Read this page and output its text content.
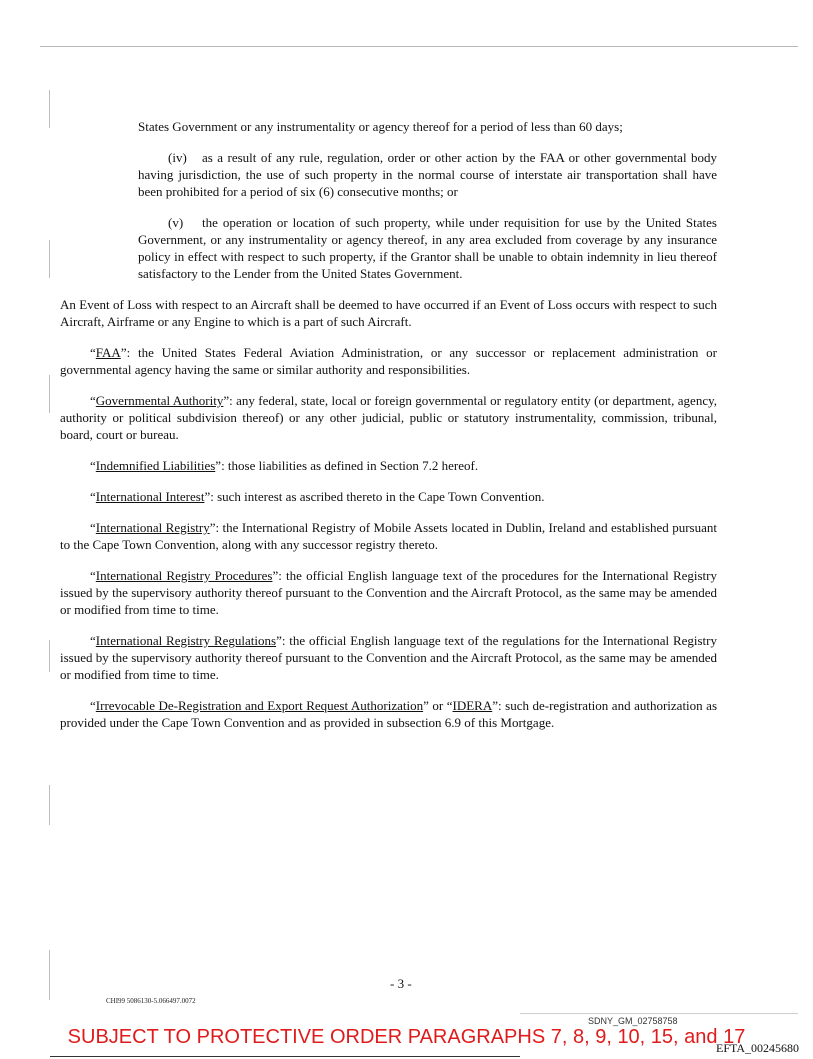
States Government or any instrumentality or agency thereof for a period of less than 60 days;

(iv) as a result of any rule, regulation, order or other action by the FAA or other governmental body having jurisdiction, the use of such property in the normal course of interstate air transportation shall have been prohibited for a period of six (6) consecutive months; or

(v) the operation or location of such property, while under requisition for use by the United States Government, or any instrumentality or agency thereof, in any area excluded from coverage by any insurance policy in effect with respect to such property, if the Grantor shall be unable to obtain indemnity in lieu thereof satisfactory to the Lender from the United States Government.

An Event of Loss with respect to an Aircraft shall be deemed to have occurred if an Event of Loss occurs with respect to such Aircraft, Airframe or any Engine to which is a part of such Aircraft.

“FAA”: the United States Federal Aviation Administration, or any successor or replacement administration or governmental agency having the same or similar authority and responsibilities.

“Governmental Authority”: any federal, state, local or foreign governmental or regulatory entity (or department, agency, authority or political subdivision thereof) or any other judicial, public or statutory instrumentality, commission, tribunal, board, court or bureau.

“Indemnified Liabilities”: those liabilities as defined in Section 7.2 hereof.

“International Interest”: such interest as ascribed thereto in the Cape Town Convention.

“International Registry”: the International Registry of Mobile Assets located in Dublin, Ireland and established pursuant to the Cape Town Convention, along with any successor registry thereto.

“International Registry Procedures”: the official English language text of the procedures for the International Registry issued by the supervisory authority thereof pursuant to the Convention and the Aircraft Protocol, as the same may be amended or modified from time to time.

“International Registry Regulations”: the official English language text of the regulations for the International Registry issued by the supervisory authority thereof pursuant to the Convention and the Aircraft Protocol, as the same may be amended or modified from time to time.

“Irrevocable De-Registration and Export Request Authorization” or “IDERA”: such de-registration and authorization as provided under the Cape Town Convention and as provided in subsection 6.9 of this Mortgage.

- 3 -
CHI99 5086130-5.066497.0072
SDNY_GM_02758758
SUBJECT TO PROTECTIVE ORDER PARAGRAPHS 7, 8, 9, 10, 15, and 17
EFTA_00245680
